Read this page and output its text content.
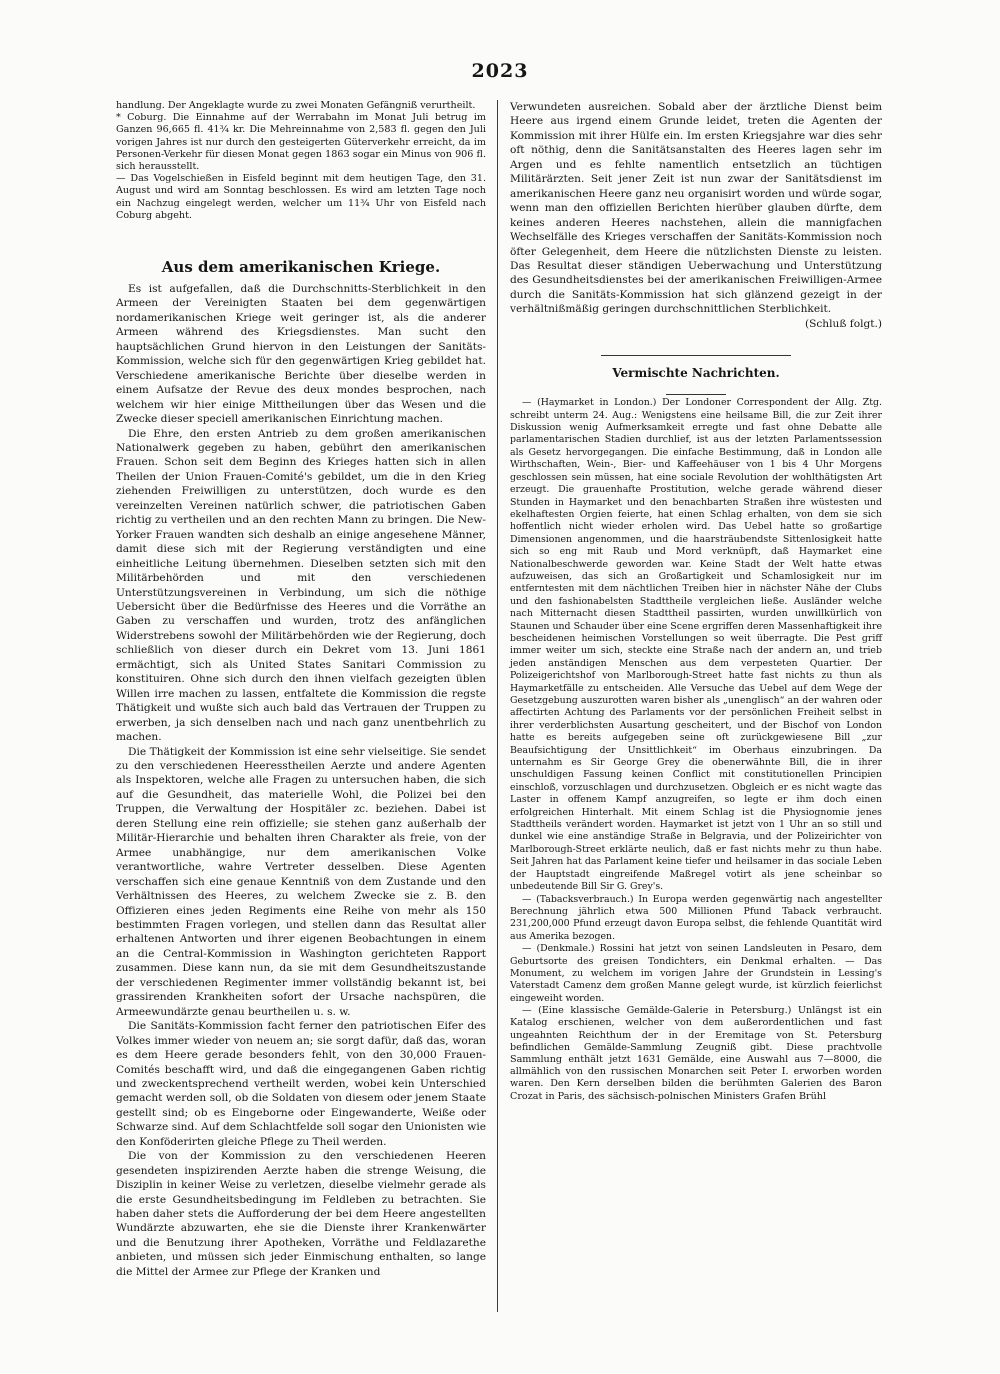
2023

handlung. Der Angeklagte wurde zu zwei Monaten Gefängniß verurtheilt.

* Coburg. Die Einnahme auf der Werrabahn im Monat Juli betrug im Ganzen 96,665 fl. 41¾ kr. Die Mehreinnahme von 2,583 fl. gegen den Juli vorigen Jahres ist nur durch den gesteigerten Güterverkehr erreicht, da im Personen-Verkehr für diesen Monat gegen 1863 sogar ein Minus von 906 fl. sich herausstellt.

— Das Vogelschießen in Eisfeld beginnt mit dem heutigen Tage, den 31. August und wird am Sonntag beschlossen. Es wird am letzten Tage noch ein Nachzug eingelegt werden, welcher um 11¾ Uhr von Eisfeld nach Coburg abgeht.

Aus dem amerikanischen Kriege.

Es ist aufgefallen, daß die Durchschnitts-Sterblichkeit in den Armeen der Vereinigten Staaten bei dem gegenwärtigen nordamerikanischen Kriege weit geringer ist, als die anderer Armeen während des Kriegsdienstes. Man sucht den hauptsächlichen Grund hiervon in den Leistungen der Sanitäts-Kommission, welche sich für den gegenwärtigen Krieg gebildet hat. Verschiedene amerikanische Berichte über dieselbe werden in einem Aufsatze der Revue des deux mondes besprochen, nach welchem wir hier einige Mittheilungen über das Wesen und die Zwecke dieser speciell amerikanischen Einrichtung machen.

Die Ehre, den ersten Antrieb zu dem großen amerikanischen Nationalwerk gegeben zu haben, gebührt den amerikanischen Frauen. Schon seit dem Beginn des Krieges hatten sich in allen Theilen der Union Frauen-Comité's gebildet, um die in den Krieg ziehenden Freiwilligen zu unterstützen, doch wurde es den vereinzelten Vereinen natürlich schwer, die patriotischen Gaben richtig zu vertheilen und an den rechten Mann zu bringen. Die New-Yorker Frauen wandten sich deshalb an einige angesehene Männer, damit diese sich mit der Regierung verständigten und eine einheitliche Leitung übernehmen. Dieselben setzten sich mit den Militärbehörden und mit den verschiedenen Unterstützungsvereinen in Verbindung, um sich die nöthige Uebersicht über die Bedürfnisse des Heeres und die Vorräthe an Gaben zu verschaffen und wurden, trotz des anfänglichen Widerstrebens sowohl der Militärbehörden wie der Regierung, doch schließlich von dieser durch ein Dekret vom 13. Juni 1861 ermächtigt, sich als United States Sanitari Commission zu konstituiren. Ohne sich durch den ihnen vielfach gezeigten üblen Willen irre machen zu lassen, entfaltete die Kommission die regste Thätigkeit und wußte sich auch bald das Vertrauen der Truppen zu erwerben, ja sich denselben nach und nach ganz unentbehrlich zu machen.

Die Thätigkeit der Kommission ist eine sehr vielseitige. Sie sendet zu den verschiedenen Heeresstheilen Aerzte und andere Agenten als Inspektoren, welche alle Fragen zu untersuchen haben, die sich auf die Gesundheit, das materielle Wohl, die Polizei bei den Truppen, die Verwaltung der Hospitäler zc. beziehen. Dabei ist deren Stellung eine rein offizielle; sie stehen ganz außerhalb der Militär-Hierarchie und behalten ihren Charakter als freie, von der Armee unabhängige, nur dem amerikanischen Volke verantwortliche, wahre Vertreter desselben. Diese Agenten verschaffen sich eine genaue Kenntniß von dem Zustande und den Verhältnissen des Heeres, zu welchem Zwecke sie z. B. den Offizieren eines jeden Regiments eine Reihe von mehr als 150 bestimmten Fragen vorlegen, und stellen dann das Resultat aller erhaltenen Antworten und ihrer eigenen Beobachtungen in einem an die Central-Kommission in Washington gerichteten Rapport zusammen. Diese kann nun, da sie mit dem Gesundheitszustande der verschiedenen Regimenter immer vollständig bekannt ist, bei grassirenden Krankheiten sofort der Ursache nachspüren, die Armeewundärzte genau beurtheilen u. s. w.

Die Sanitäts-Kommission facht ferner den patriotischen Eifer des Volkes immer wieder von neuem an; sie sorgt dafür, daß das, woran es dem Heere gerade besonders fehlt, von den 30,000 Frauen-Comités beschafft wird, und daß die eingegangenen Gaben richtig und zweckentsprechend vertheilt werden, wobei kein Unterschied gemacht werden soll, ob die Soldaten von diesem oder jenem Staate gestellt sind; ob es Eingeborne oder Eingewanderte, Weiße oder Schwarze sind. Auf dem Schlachtfelde soll sogar den Unionisten wie den Konföderirten gleiche Pflege zu Theil werden.

Die von der Kommission zu den verschiedenen Heeren gesendeten inspizirenden Aerzte haben die strenge Weisung, die Disziplin in keiner Weise zu verletzen, dieselbe vielmehr gerade als die erste Gesundheitsbedingung im Feldleben zu betrachten. Sie haben daher stets die Aufforderung der bei dem Heere angestellten Wundärzte abzuwarten, ehe sie die Dienste ihrer Krankenwärter und die Benutzung ihrer Apotheken, Vorräthe und Feldlazarethe anbieten, und müssen sich jeder Einmischung enthalten, so lange die Mittel der Armee zur Pflege der Kranken und

Verwundeten ausreichen. Sobald aber der ärztliche Dienst beim Heere aus irgend einem Grunde leidet, treten die Agenten der Kommission mit ihrer Hülfe ein. Im ersten Kriegsjahre war dies sehr oft nöthig, denn die Sanitätsanstalten des Heeres lagen sehr im Argen und es fehlte namentlich entsetzlich an tüchtigen Militärärzten. Seit jener Zeit ist nun zwar der Sanitätsdienst im amerikanischen Heere ganz neu organisirt worden und würde sogar, wenn man den offiziellen Berichten hierüber glauben dürfte, dem keines anderen Heeres nachstehen, allein die mannigfachen Wechselfälle des Krieges verschaffen der Sanitäts-Kommission noch öfter Gelegenheit, dem Heere die nützlichsten Dienste zu leisten. Das Resultat dieser ständigen Ueberwachung und Unterstützung des Gesundheitsdienstes bei der amerikanischen Freiwilligen-Armee durch die Sanitäts-Kommission hat sich glänzend gezeigt in der verhältnißmäßig geringen durchschnittlichen Sterblichkeit.

(Schluß folgt.)
Vermischte Nachrichten.

— (Haymarket in London.) Der Londoner Correspondent der Allg. Ztg. schreibt unterm 24. Aug.: Wenigstens eine heilsame Bill, die zur Zeit ihrer Diskussion wenig Aufmerksamkeit erregte und fast ohne Debatte alle parlamentarischen Stadien durchlief, ist aus der letzten Parlamentssession als Gesetz hervorgegangen. Die einfache Bestimmung, daß in London alle Wirthschaften, Wein-, Bier- und Kaffeehäuser von 1 bis 4 Uhr Morgens geschlossen sein müssen, hat eine sociale Revolution der wohlthätigsten Art erzeugt. Die grauenhafte Prostitution, welche gerade während dieser Stunden in Haymarket und den benachbarten Straßen ihre wüstesten und ekelhaftesten Orgien feierte, hat einen Schlag erhalten, von dem sie sich hoffentlich nicht wieder erholen wird. Das Uebel hatte so großartige Dimensionen angenommen, und die haarsträubendste Sittenlosigkeit hatte sich so eng mit Raub und Mord verknüpft, daß Haymarket eine Nationalbeschwerde geworden war. Keine Stadt der Welt hatte etwas aufzuweisen, das sich an Großartigkeit und Schamlosigkeit nur im entferntesten mit dem nächtlichen Treiben hier in nächster Nähe der Clubs und den fashionabelsten Stadttheile vergleichen ließe. Ausländer welche nach Mitternacht diesen Stadttheil passirten, wurden unwillkürlich von Staunen und Schauder über eine Scene ergriffen deren Massenhaftigkeit ihre bescheidenen heimischen Vorstellungen so weit überragte. Die Pest griff immer weiter um sich, steckte eine Straße nach der andern an, und trieb jeden anständigen Menschen aus dem verpesteten Quartier. Der Polizeigerichtshof von Marlborough-Street hatte fast nichts zu thun als Haymarketfälle zu entscheiden. Alle Versuche das Uebel auf dem Wege der Gesetzgebung auszurotten waren bisher als „unenglisch“ an der wahren oder affectirten Achtung des Parlaments vor der persönlichen Freiheit selbst in ihrer verderblichsten Ausartung gescheitert, und der Bischof von London hatte es bereits aufgegeben seine oft zurückgewiesene Bill „zur Beaufsichtigung der Unsittlichkeit“ im Oberhaus einzubringen. Da unternahm es Sir George Grey die obenerwähnte Bill, die in ihrer unschuldigen Fassung keinen Conflict mit constitutionellen Principien einschloß, vorzuschlagen und durchzusetzen. Obgleich er es nicht wagte das Laster in offenem Kampf anzugreifen, so legte er ihm doch einen erfolgreichen Hinterhalt. Mit einem Schlag ist die Physiognomie jenes Stadttheils verändert worden. Haymarket ist jetzt von 1 Uhr an so still und dunkel wie eine anständige Straße in Belgravia, und der Polizeirichter von Marlborough-Street erklärte neulich, daß er fast nichts mehr zu thun habe. Seit Jahren hat das Parlament keine tiefer und heilsamer in das sociale Leben der Hauptstadt eingreifende Maßregel votirt als jene scheinbar so unbedeutende Bill Sir G. Grey's.

— (Tabacksverbrauch.) In Europa werden gegenwärtig nach angestellter Berechnung jährlich etwa 500 Millionen Pfund Taback verbraucht. 231,200,000 Pfund erzeugt davon Europa selbst, die fehlende Quantität wird aus Amerika bezogen.

— (Denkmale.) Rossini hat jetzt von seinen Landsleuten in Pesaro, dem Geburtsorte des greisen Tondichters, ein Denkmal erhalten. — Das Monument, zu welchem im vorigen Jahre der Grundstein in Lessing's Vaterstadt Camenz dem großen Manne gelegt wurde, ist kürzlich feierlichst eingeweiht worden.

— (Eine klassische Gemälde-Galerie in Petersburg.) Unlängst ist ein Katalog erschienen, welcher von dem außerordentlichen und fast ungeahnten Reichthum der in der Eremitage von St. Petersburg befindlichen Gemälde-Sammlung Zeugniß gibt. Diese prachtvolle Sammlung enthält jetzt 1631 Gemälde, eine Auswahl aus 7—8000, die allmählich von den russischen Monarchen seit Peter I. erworben worden waren. Den Kern derselben bilden die berühmten Galerien des Baron Crozat in Paris, des sächsisch-polnischen Ministers Grafen Brühl
